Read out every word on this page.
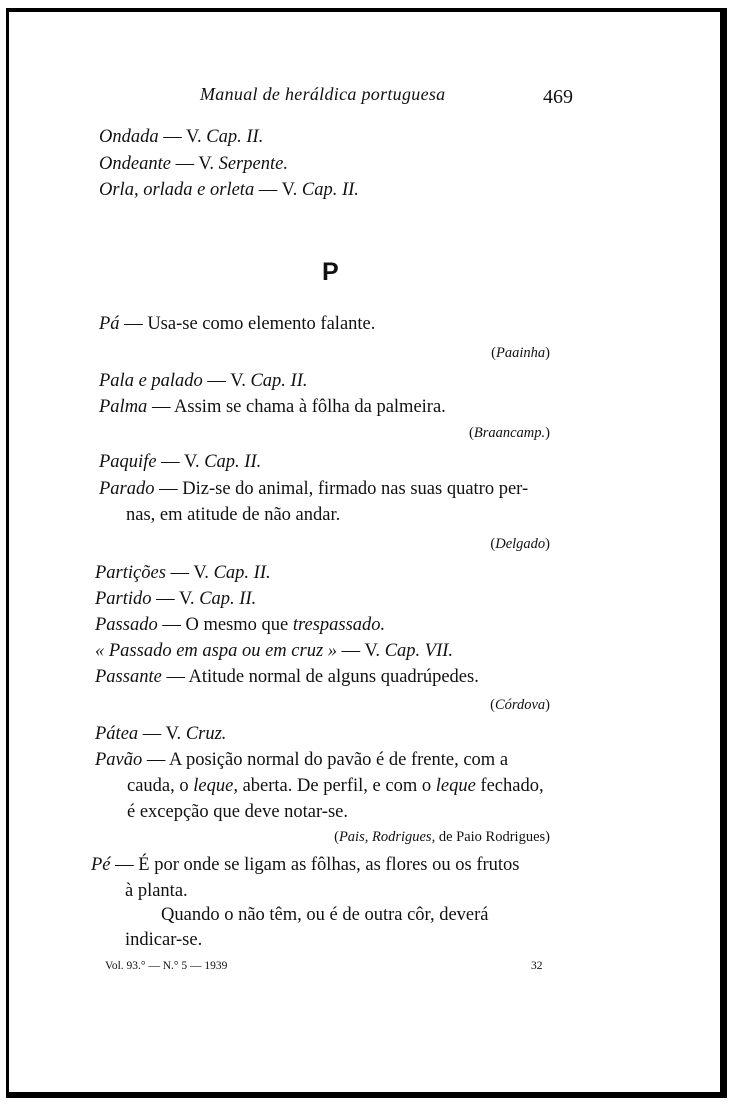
Manual de heráldica portuguesa	469
Ondada — V. Cap. II.
Ondeante — V. Serpente.
Orla, orlada e orleta — V. Cap. II.
P
Pá — Usa-se como elemento falante.
(Paainha)
Pala e palado — V. Cap. II.
Palma — Assim se chama à fôlha da palmeira.
(Braancamp.)
Paquife — V. Cap. II.
Parado — Diz-se do animal, firmado nas suas quatro per-
nas, em atitude de não andar.
(Delgado)
Partições — V. Cap. II.
Partido — V. Cap. II.
Passado — O mesmo que trespassado.
« Passado em aspa ou em cruz » — V. Cap. VII.
Passante — Atitude normal de alguns quadrúpedes.
(Córdova)
Pátea — V. Cruz.
Pavão — A posição normal do pavão é de frente, com a
cauda, o leque, aberta. De perfil, e com o leque fechado,
é excepção que deve notar-se.
(Pais, Rodrigues, de Paio Rodrigues)
Pé — É por onde se ligam as fôlhas, as flores ou os frutos
à planta.
Quando o não têm, ou é de outra côr, deverá
indicar-se.
Vol. 93.° — N.° 5 — 1939	32
